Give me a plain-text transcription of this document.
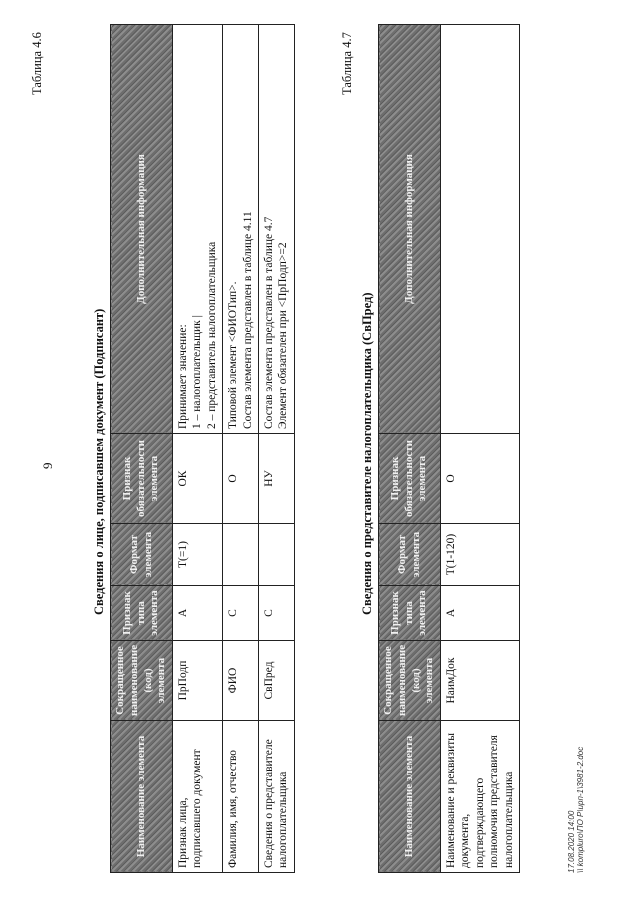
9
Таблица 4.6
Сведения о лице, подписавшем документ (Подписант)
Наименование элемента	Сокращенное наименование (код) элемента	Признак типа элемента	Формат элемента	Признак обязательности элемента	Дополнительная информация
Признак лица, подписавшего документ	ПрПодп	А	Т(=1)	ОК	Принимает значение:
1 – налогоплательщик |
2 – представитель налогоплательщика
Фамилия, имя, отчество	ФИО	С		О	Типовой элемент <ФИОТип>.
Состав элемента представлен в таблице 4.11
Сведения о представителе налогоплательщика	СвПред	С		НУ	Состав элемента представлен в таблице 4.7
Элемент обязателен при <ПрПодп>=2
Таблица 4.7
Сведения о представителе налогоплательщика (СвПред)
Наименование элемента	Сокращенное наименование (код) элемента	Признак типа элемента	Формат элемента	Признак обязательности элемента	Дополнительная информация
Наименование и реквизиты документа, подтверждающего полномочия представителя налогоплательщика	НаимДок	А	Т(1-120)	О	
17.08.2020 14:00 \\ kompluro\ПО Р\ирп-1\3981-2.doc
